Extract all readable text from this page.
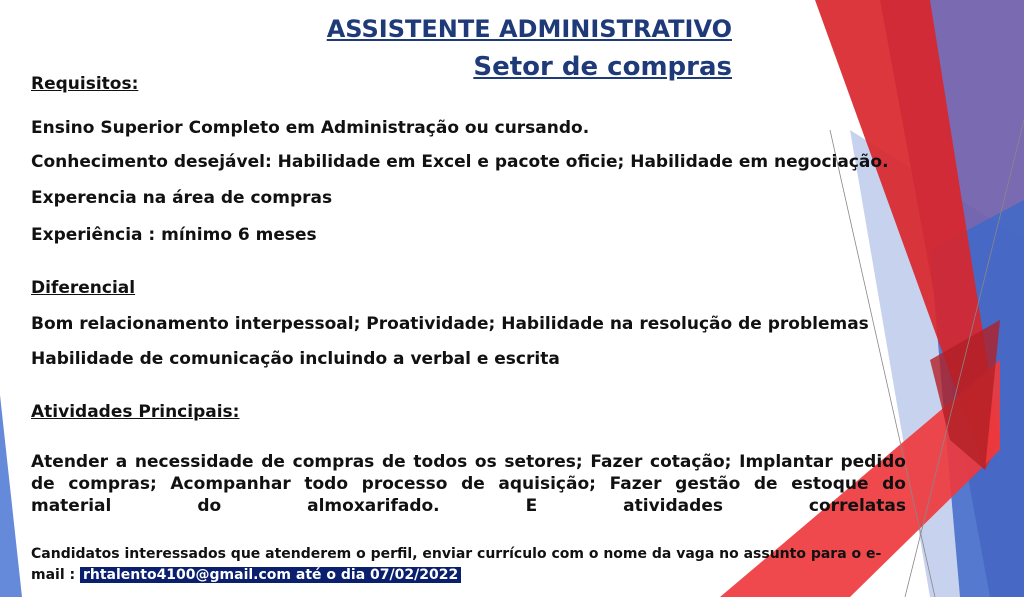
ASSISTENTE ADMINISTRATIVO
Setor de compras
Requisitos:
Ensino Superior Completo em Administração ou cursando.
Conhecimento desejável: Habilidade em Excel e pacote oficie; Habilidade em negociação.
Experencia na área de compras
Experiência : mínimo 6 meses
Diferencial
Bom relacionamento interpessoal; Proatividade; Habilidade na resolução de problemas
Habilidade de comunicação incluindo a verbal e escrita
Atividades Principais:
Atender a necessidade de compras de todos os setores; Fazer cotação; Implantar pedido de compras; Acompanhar todo processo de aquisição; Fazer gestão de estoque do material do almoxarifado. E atividades correlatas
Candidatos interessados que atenderem o perfil, enviar currículo com o nome da vaga no assunto para o e-mail : rhtalento4100@gmail.com até o dia 07/02/2022
